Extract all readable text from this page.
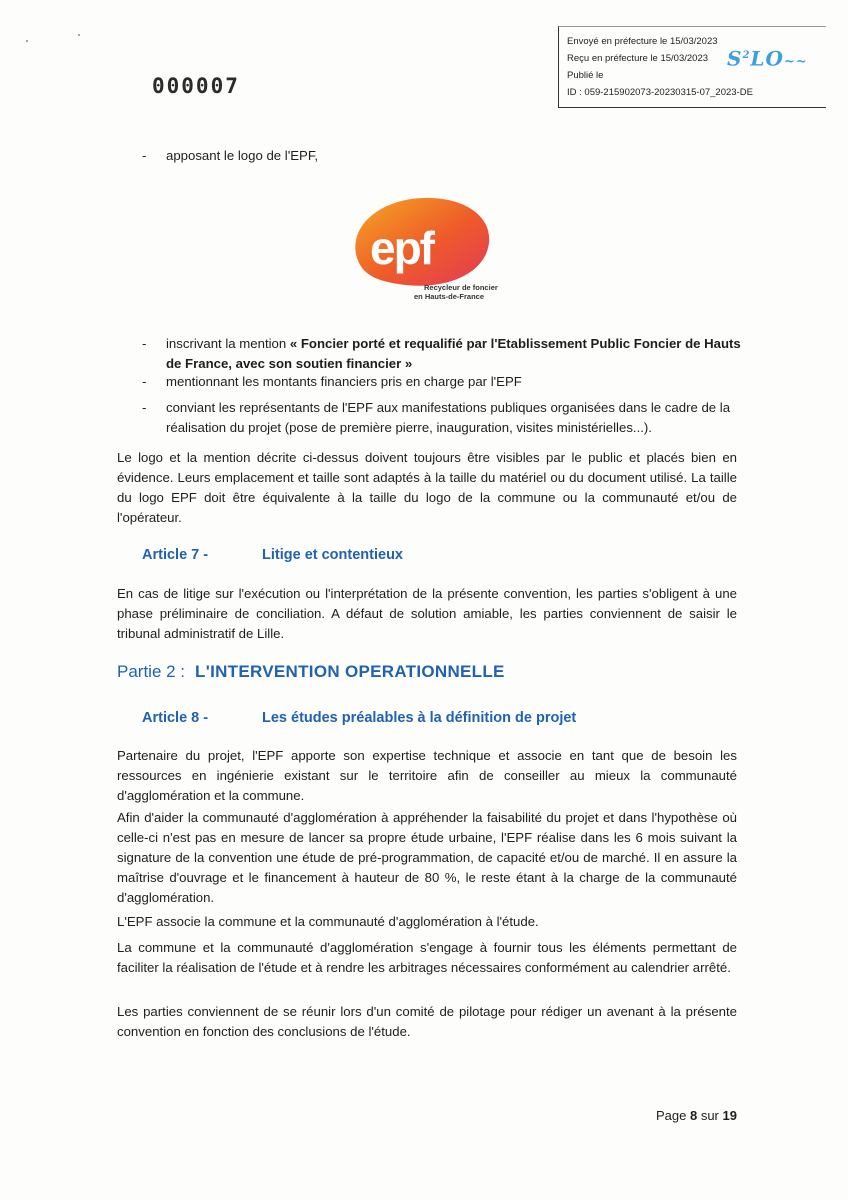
Envoyé en préfecture le 15/03/2023
Reçu en préfecture le 15/03/2023
Publié le
ID : 059-215902073-20230315-07_2023-DE
$S^2LO\sim\sim$
000007
- apposant le logo de l'EPF,
epf
Recycleur de foncier
en Hauts-de-France
- inscrivant la mention « Foncier porté et requalifié par l'Etablissement Public Foncier de Hauts de France, avec son soutien financier »
- mentionnant les montants financiers pris en charge par l'EPF
- conviant les représentants de l'EPF aux manifestations publiques organisées dans le cadre de la réalisation du projet (pose de première pierre, inauguration, visites ministérielles...).
Le logo et la mention décrite ci-dessus doivent toujours être visibles par le public et placés bien en évidence. Leurs emplacement et taille sont adaptés à la taille du matériel ou du document utilisé. La taille du logo EPF doit être équivalente à la taille du logo de la commune ou la communauté et/ou de l'opérateur.
Article 7 -	Litige et contentieux
En cas de litige sur l'exécution ou l'interprétation de la présente convention, les parties s'obligent à une phase préliminaire de conciliation. A défaut de solution amiable, les parties conviennent de saisir le tribunal administratif de Lille.
Partie 2 : L'INTERVENTION OPERATIONNELLE
Article 8 -	Les études préalables à la définition de projet
Partenaire du projet, l'EPF apporte son expertise technique et associe en tant que de besoin les ressources en ingénierie existant sur le territoire afin de conseiller au mieux la communauté d'agglomération et la commune.
Afin d'aider la communauté d'agglomération à appréhender la faisabilité du projet et dans l'hypothèse où celle-ci n'est pas en mesure de lancer sa propre étude urbaine, l'EPF réalise dans les 6 mois suivant la signature de la convention une étude de pré-programmation, de capacité et/ou de marché. Il en assure la maîtrise d'ouvrage et le financement à hauteur de 80 %, le reste étant à la charge de la communauté d'agglomération.
L'EPF associe la commune et la communauté d'agglomération à l'étude.
La commune et la communauté d'agglomération s'engage à fournir tous les éléments permettant de faciliter la réalisation de l'étude et à rendre les arbitrages nécessaires conformément au calendrier arrêté.
Les parties conviennent de se réunir lors d'un comité de pilotage pour rédiger un avenant à la présente convention en fonction des conclusions de l'étude.
Page 8 sur 19
